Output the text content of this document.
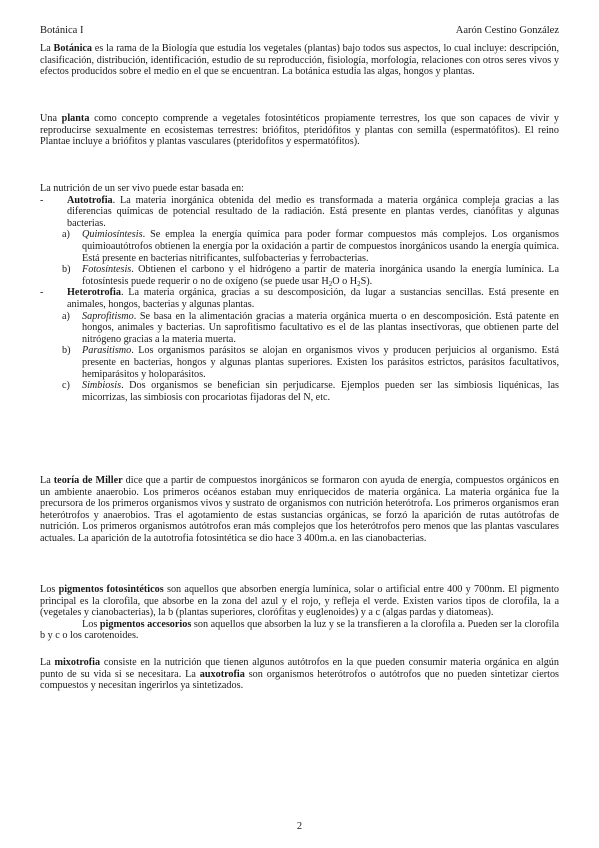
Botánica I	Aarón Cestino González

La Botánica es la rama de la Biología que estudia los vegetales (plantas) bajo todos sus aspectos, lo cual incluye: descripción, clasificación, distribución, identificación, estudio de su reproducción, fisiología, morfología, relaciones con otros seres vivos y efectos producidos sobre el medio en el que se encuentran. La botánica estudia las algas, hongos y plantas.

Una planta como concepto comprende a vegetales fotosintéticos propiamente terrestres, los que son capaces de vivir y reproducirse sexualmente en ecosistemas terrestres: briófitos, pteridófitos y plantas con semilla (espermatófitos). El reino Plantae incluye a briófitos y plantas vasculares (pteridofitos y espermatófitos).

La nutrición de un ser vivo puede estar basada en:

- Autotrofia. La materia inorgánica obtenida del medio es transformada a materia orgánica compleja gracias a las diferencias químicas de potencial resultado de la radiación. Está presente en plantas verdes, cianófitas y algunas bacterias.

a) Quimiosíntesis. Se emplea la energía química para poder formar compuestos más complejos. Los organismos quimioautótrofos obtienen la energía por la oxidación a partir de compuestos inorgánicos usando la energía química. Está presente en bacterias nitrificantes, sulfobacterias y ferrobacterias.

b) Fotosíntesis. Obtienen el carbono y el hidrógeno a partir de materia inorgánica usando la energía lumínica. La fotosíntesis puede requerir o no de oxígeno (se puede usar $H_2O$ o $H_2S$).

- Heterotrofia. La materia orgánica, gracias a su descomposición, da lugar a sustancias sencillas. Está presente en animales, hongos, bacterias y algunas plantas.

a) Saprofitismo. Se basa en la alimentación gracias a materia orgánica muerta o en descomposición. Está patente en hongos, animales y bacterias. Un saprofitismo facultativo es el de las plantas insectívoras, que obtienen parte del nitrógeno gracias a la materia muerta.

b) Parasitismo. Los organismos parásitos se alojan en organismos vivos y producen perjuicios al organismo. Está presente en bacterias, hongos y algunas plantas superiores. Existen los parásitos estrictos, parásitos facultativos, hemiparásitos y holoparásitos.

c) Simbiosis. Dos organismos se benefician sin perjudicarse. Ejemplos pueden ser las simbiosis liquénicas, las micorrizas, las simbiosis con procariotas fijadoras del N, etc.

La teoría de Miller dice que a partir de compuestos inorgánicos se formaron con ayuda de energía, compuestos orgánicos en un ambiente anaerobio. Los primeros océanos estaban muy enriquecidos de materia orgánica. La materia orgánica fue la precursora de los primeros organismos vivos y sustrato de organismos con nutrición heterótrofa. Los primeros organismos eran heterótrofos y anaerobios. Tras el agotamiento de estas sustancias orgánicas, se forzó la aparición de rutas autótrofas de nutrición. Los primeros organismos autótrofos eran más complejos que los heterótrofos pero menos que las plantas vasculares actuales. La aparición de la autotrofia fotosintética se dio hace 3 400m.a. en las cianobacterias.

Los pigmentos fotosintéticos son aquellos que absorben energía lumínica, solar o artificial entre 400 y 700nm. El pigmento principal es la clorofila, que absorbe en la zona del azul y el rojo, y refleja el verde. Existen varios tipos de clorofila, la a (vegetales y cianobacterias), la b (plantas superiores, clorófitas y euglenoides) y a c (algas pardas y diatomeas).

Los pigmentos accesorios son aquellos que absorben la luz y se la transfieren a la clorofila a. Pueden ser la clorofila b y c o los carotenoides.

La mixotrofia consiste en la nutrición que tienen algunos autótrofos en la que pueden consumir materia orgánica en algún punto de su vida si se necesitara. La auxotrofia son organismos heterótrofos o autótrofos que no pueden sintetizar ciertos compuestos y necesitan ingerirlos ya sintetizados.

2
